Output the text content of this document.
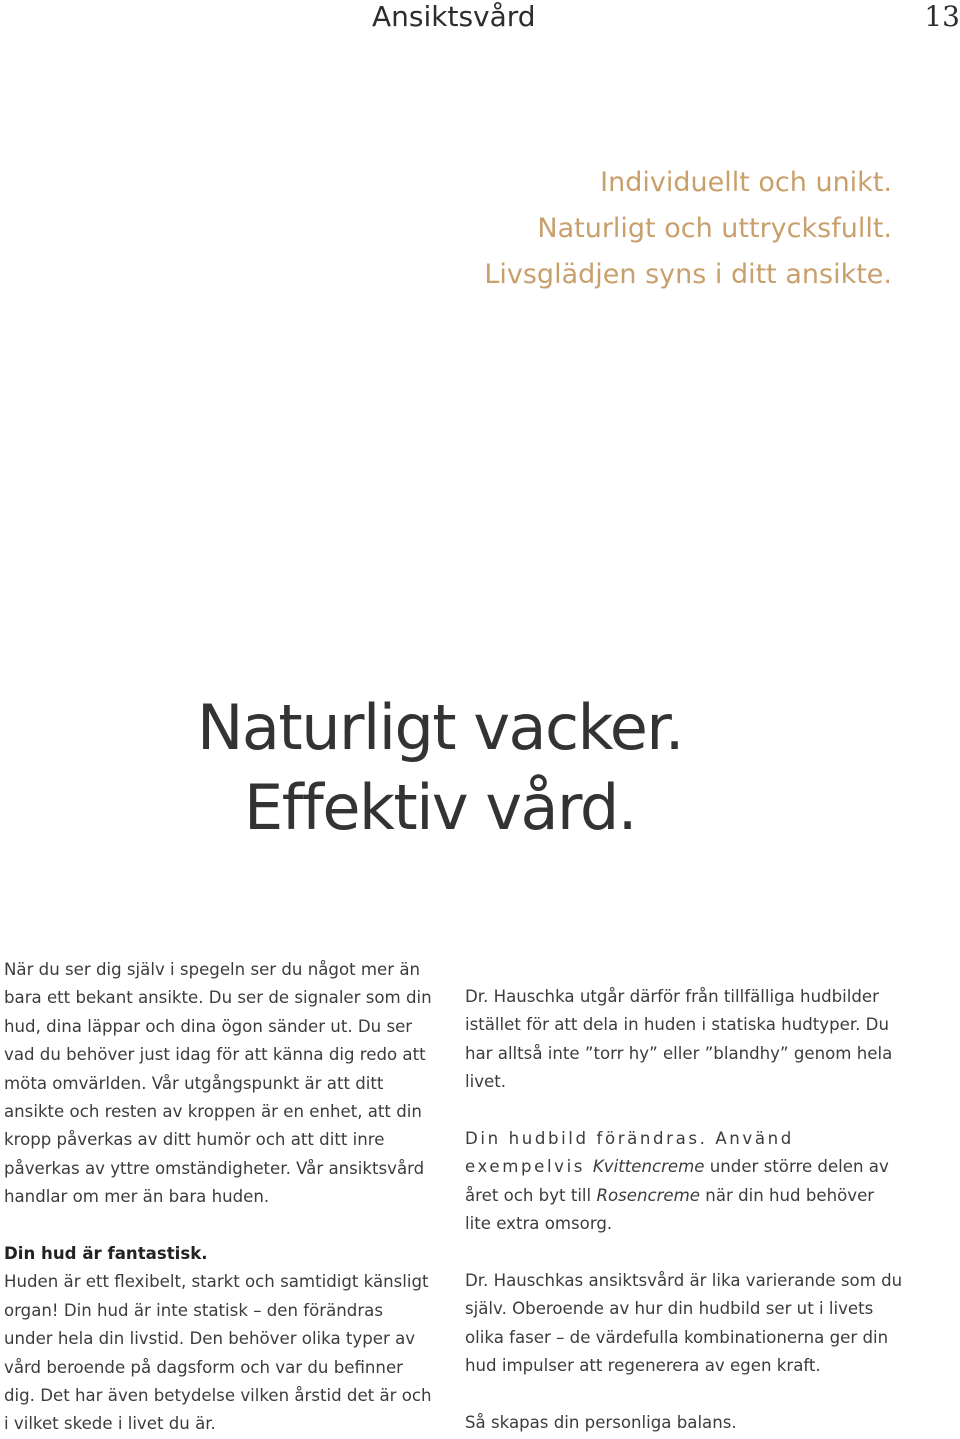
Ansiktsvård	13
Individuellt och unikt.
Naturligt och uttrycksfullt.
Livsglädjen syns i ditt ansikte.
Naturligt vacker.
Effektiv vård.

När du ser dig själv i spegeln ser du något mer än bara ett bekant ansikte. Du ser de signaler som din hud, dina läppar och dina ögon sänder ut. Du ser vad du behöver just idag för att känna dig redo att möta omvärlden. Vår utgångspunkt är att ditt ansikte och resten av kroppen är en enhet, att din kropp påverkas av ditt humör och att ditt inre påverkas av yttre omständigheter. Vår ansiktsvård handlar om mer än bara huden.

Din hud är fantastisk.

Huden är ett flexibelt, starkt och samtidigt känsligt organ! Din hud är inte statisk – den förändras under hela din livstid. Den behöver olika typer av vård beroende på dagsform och var du befinner dig. Det har även betydelse vilken årstid det är och i vilket skede i livet du är.

Dr. Hauschka utgår därför från tillfälliga hudbilder istället för att dela in huden i statiska hudtyper. Du har alltså inte ”torr hy” eller ”blandhy” genom hela livet.

Din hudbild förändras. Använd exempelvis Kvittencreme under större delen av året och byt till Rosencreme när din hud behöver lite extra omsorg.

Dr. Hauschkas ansiktsvård är lika varierande som du själv. Oberoende av hur din hudbild ser ut i livets olika faser – de värdefulla kombinationerna ger din hud impulser att regenerera av egen kraft.

Så skapas din personliga balans.
